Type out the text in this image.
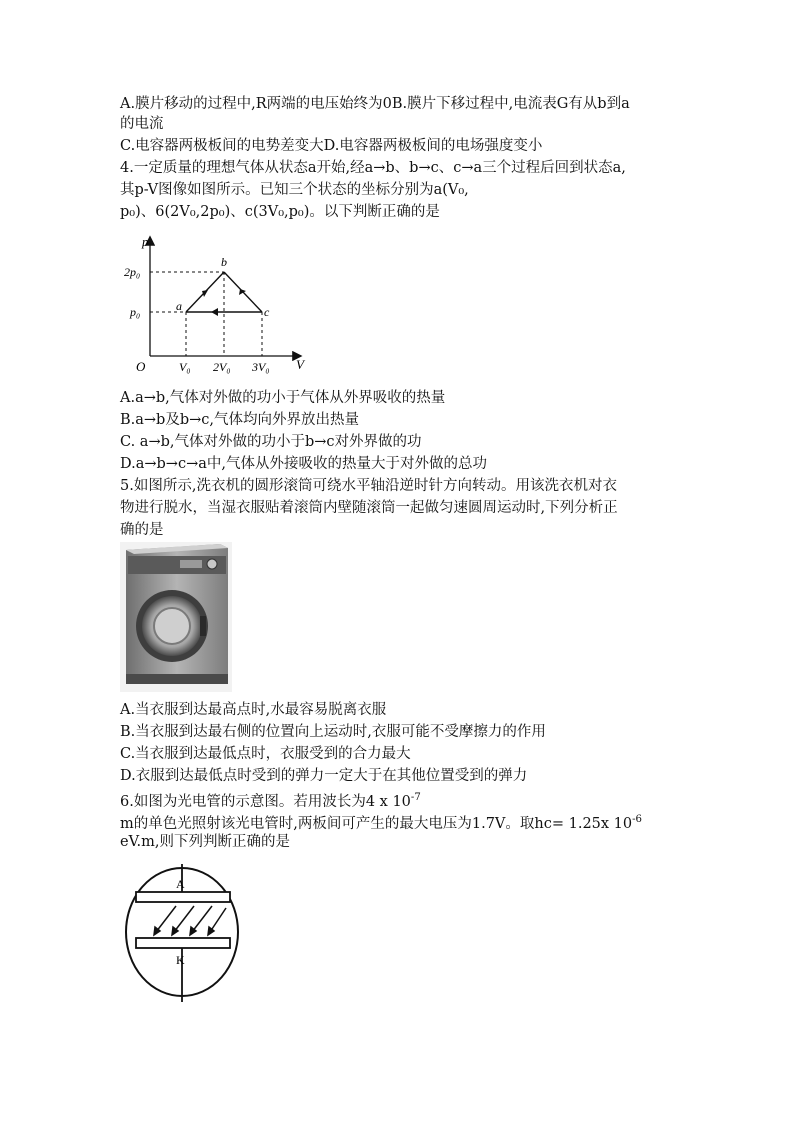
A.膜片移动的过程中,R两端的电压始终为0B.膜片下移过程中,电流表G有从b到a
的电流
C.电容器两极板间的电势差变大D.电容器两极板间的电场强度变小
4.一定质量的理想气体从状态a开始,经a→b、b→c、c→a三个过程后回到状态a,
其p-V图像如图所示。已知三个状态的坐标分别为a(V₀,
p₀)、6(2V₀,2p₀)、c(3V₀,p₀)。以下判断正确的是
p
V
O
2p₀
p₀
V₀ 2V₀ 3V₀
a
b
c
A.a→b,气体对外做的功小于气体从外界吸收的热量
B.a→b及b→c,气体均向外界放出热量
C. a→b,气体对外做的功小于b→c对外界做的功
D.a→b→c→a中,气体从外接吸收的热量大于对外做的总功
5.如图所示,洗衣机的圆形滚筒可绕水平轴沿逆时针方向转动。用该洗衣机对衣
物进行脱水，当湿衣服贴着滚筒内壁随滚筒一起做匀速圆周运动时,下列分析正
确的是
A.当衣服到达最高点时,水最容易脱离衣服
B.当衣服到达最右侧的位置向上运动时,衣服可能不受摩擦力的作用
C.当衣服到达最低点时，衣服受到的合力最大
D.衣服到达最低点时受到的弹力一定大于在其他位置受到的弹力
6.如图为光电管的示意图。若用波长为4 x $10^{-7}$
m的单色光照射该光电管时,两板间可产生的最大电压为1.7V。取hc= 1.25x $10^{-6}$
eV.m,则下列判断正确的是
A
K
